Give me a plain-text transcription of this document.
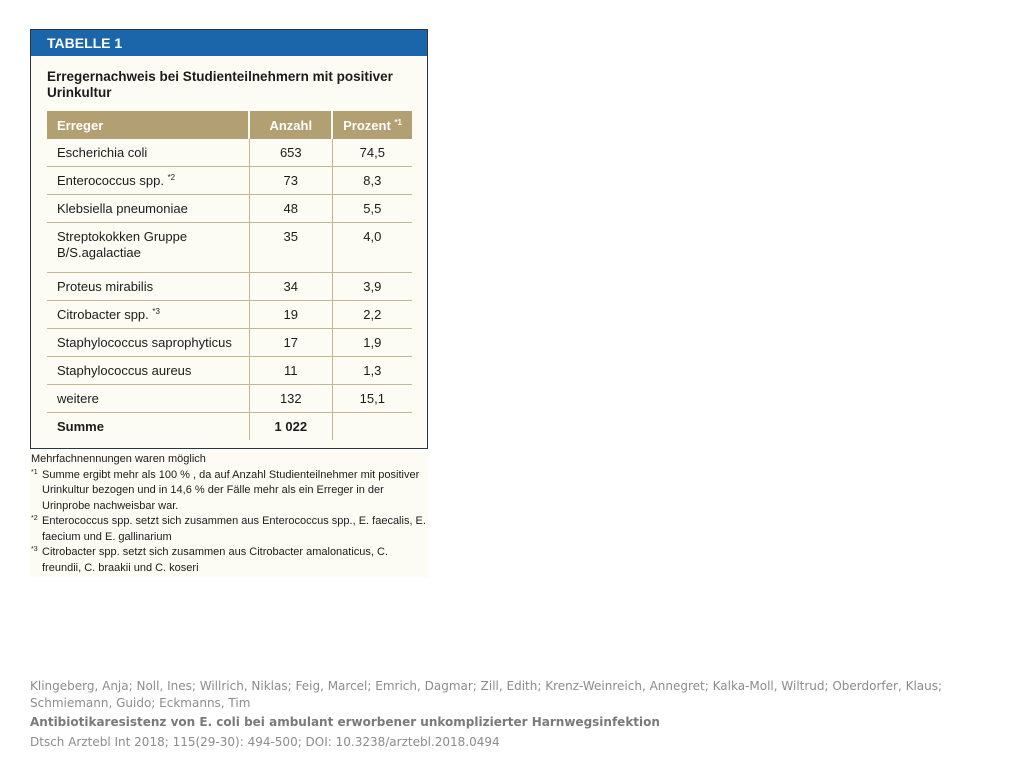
TABELLE 1
Erregernachweis bei Studienteilnehmern mit positiver Urinkultur
Erreger	Anzahl	Prozent $^{*1}$
Escherichia coli	653	74,5
Enterococcus spp. $^{*2}$	73	8,3
Klebsiella pneumoniae	48	5,5
Streptokokken Gruppe B/S.agalactiae	35	4,0
Proteus mirabilis	34	3,9
Citrobacter spp. $^{*3}$	19	2,2
Staphylococcus saprophyticus	17	1,9
Staphylococcus aureus	11	1,3
weitere	132	15,1
Summe	1 022	
Mehrfachnennungen waren möglich
*1 Summe ergibt mehr als 100 % , da auf Anzahl Studienteilnehmer mit positiver Urinkultur bezogen und in 14,6 % der Fälle mehr als ein Erreger in der Urinprobe nachweisbar war.
*2 Enterococcus spp. setzt sich zusammen aus Enterococcus spp., E. faecalis, E. faecium und E. gallinarium
*3 Citrobacter spp. setzt sich zusammen aus Citrobacter amalonaticus, C. freundii, C. braakii und C. koseri
Klingeberg, Anja; Noll, Ines; Willrich, Niklas; Feig, Marcel; Emrich, Dagmar; Zill, Edith; Krenz-Weinreich, Annegret; Kalka-Moll, Wiltrud; Oberdorfer, Klaus; Schmiemann, Guido; Eckmanns, Tim
Antibiotikaresistenz von E. coli bei ambulant erworbener unkomplizierter Harnwegsinfektion
Dtsch Arztebl Int 2018; 115(29-30): 494-500; DOI: 10.3238/arztebl.2018.0494
